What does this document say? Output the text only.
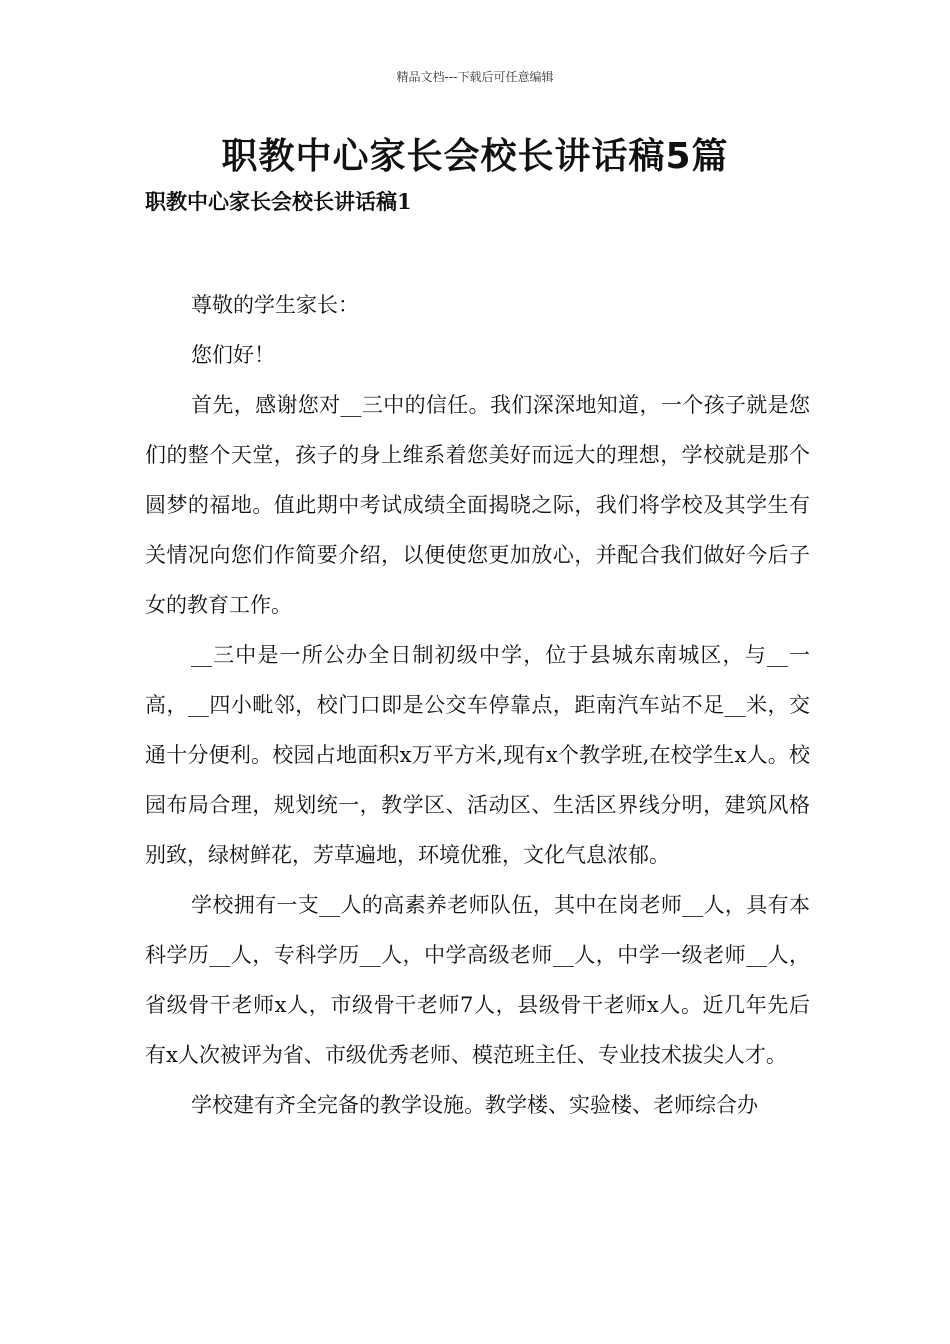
精品文档---下载后可任意编辑
职教中心家长会校长讲话稿5篇
职教中心家长会校长讲话稿1

尊敬的学生家长：

您们好！

首先，感谢您对__三中的信任。我们深深地知道，一个孩子就是您们的整个天堂，孩子的身上维系着您美好而远大的理想，学校就是那个圆梦的福地。值此期中考试成绩全面揭晓之际，我们将学校及其学生有关情况向您们作简要介绍，以便使您更加放心，并配合我们做好今后子女的教育工作。

__三中是一所公办全日制初级中学，位于县城东南城区，与__一高，__四小毗邻，校门口即是公交车停靠点，距南汽车站不足__米，交通十分便利。校园占地面积x万平方米,现有x个教学班,在校学生x人。校园布局合理，规划统一，教学区、活动区、生活区界线分明，建筑风格别致，绿树鲜花，芳草遍地，环境优雅，文化气息浓郁。

学校拥有一支__人的高素养老师队伍，其中在岗老师__人，具有本科学历__人，专科学历__人，中学高级老师__人，中学一级老师__人，省级骨干老师x人，市级骨干老师7人，县级骨干老师x人。近几年先后有x人次被评为省、市级优秀老师、模范班主任、专业技术拔尖人才。

学校建有齐全完备的教学设施。教学楼、实验楼、老师综合办
